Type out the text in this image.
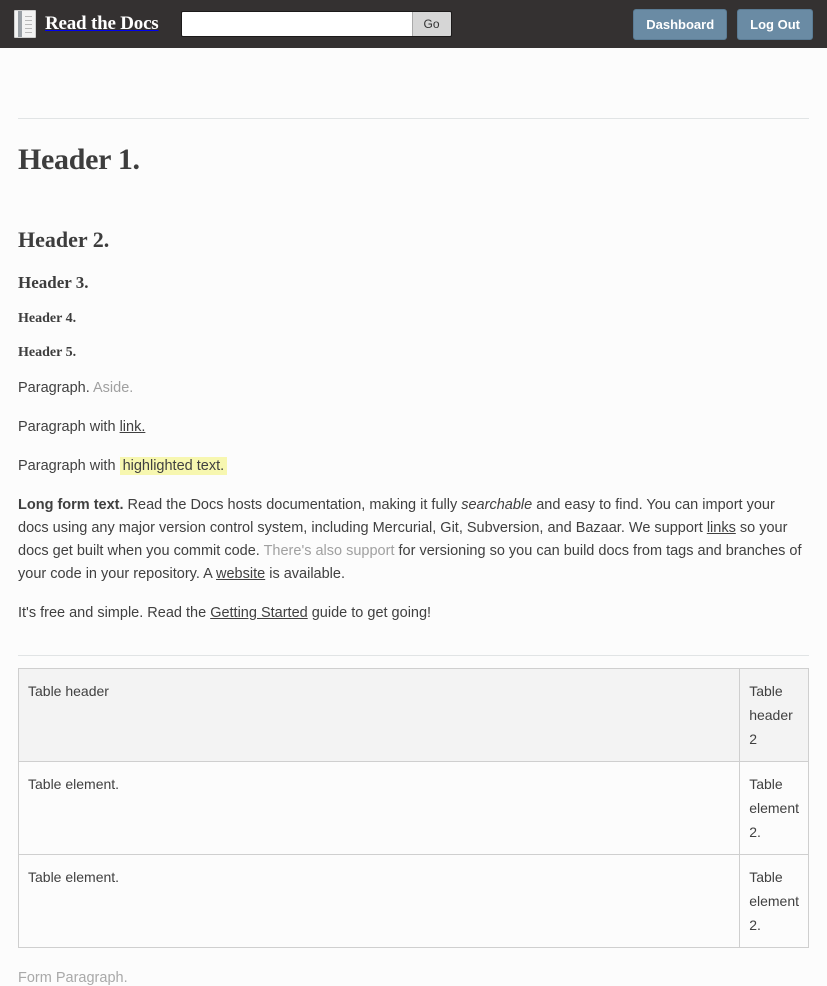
Read the Docs	Go	Dashboard	Log Out
Header 1.
Header 2.
Header 3.
Header 4.
Header 5.

Paragraph. Aside.

Paragraph with link.

Paragraph with highlighted text.

Long form text. Read the Docs hosts documentation, making it fully searchable and easy to find. You can import your docs using any major version control system, including Mercurial, Git, Subversion, and Bazaar. We support links so your docs get built when you commit code. There's also support for versioning so you can build docs from tags and branches of your code in your repository. A website is available.

It's free and simple. Read the Getting Started guide to get going!

Table header	Table header 2
Table element.	Table element 2.
Table element.	Table element 2.

Form Paragraph.
